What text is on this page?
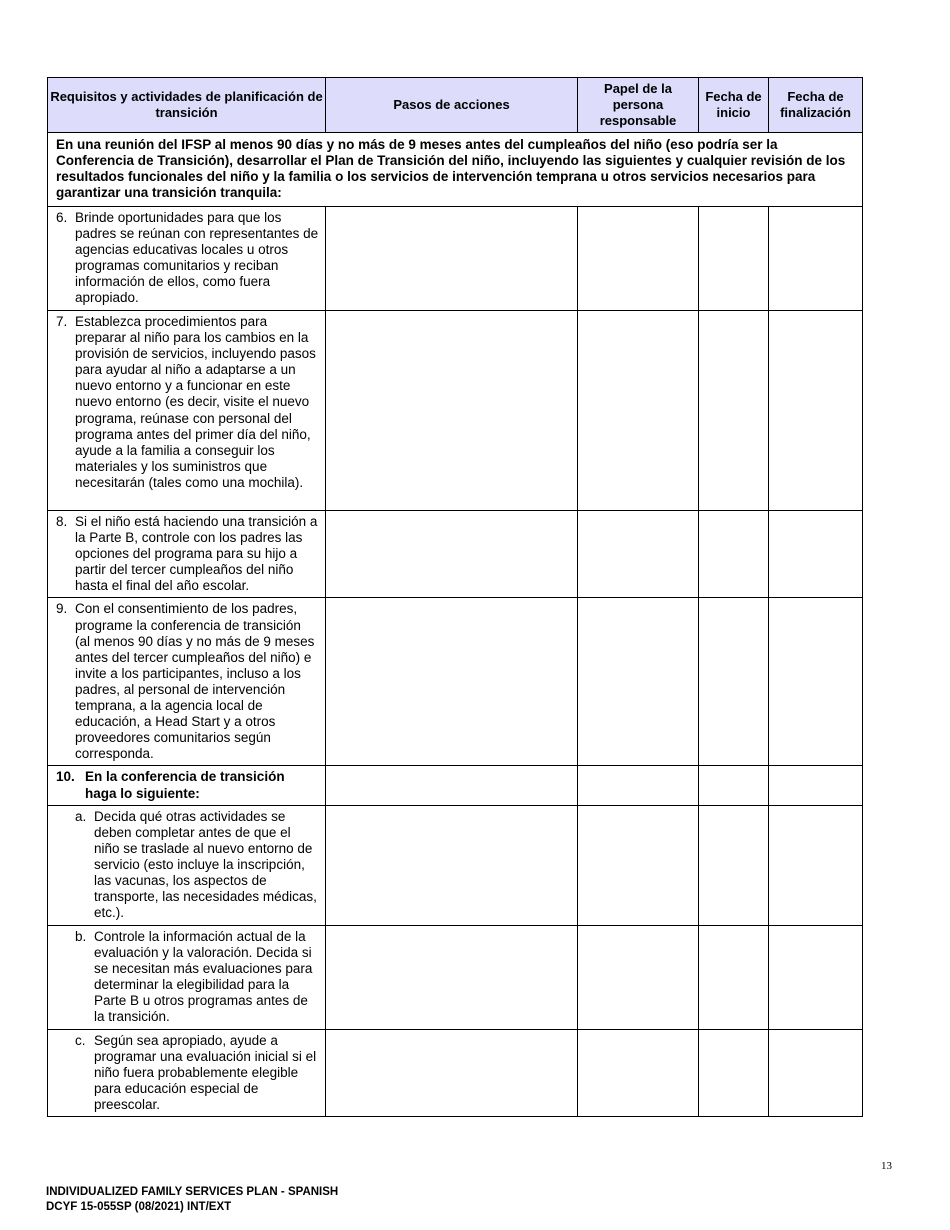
Requisitos y actividades de planificación de transición	Pasos de acciones	Papel de la persona responsable	Fecha de inicio	Fecha de finalización
En una reunión del IFSP al menos 90 días y no más de 9 meses antes del cumpleaños del niño (eso podría ser la Conferencia de Transición), desarrollar el Plan de Transición del niño, incluyendo las siguientes y cualquier revisión de los resultados funcionales del niño y la familia o los servicios de intervención temprana u otros servicios necesarios para garantizar una transición tranquila:				

6. Brinde oportunidades para que los padres se reúnan con representantes de agencias educativas locales u otros programas comunitarios y reciban información de ellos, como fuera apropiado.				

7. Establezca procedimientos para preparar al niño para los cambios en la provisión de servicios, incluyendo pasos para ayudar al niño a adaptarse a un nuevo entorno y a funcionar en este nuevo entorno (es decir, visite el nuevo programa, reúnase con personal del programa antes del primer día del niño, ayude a la familia a conseguir los materiales y los suministros que necesitarán (tales como una mochila).				

8. Si el niño está haciendo una transición a la Parte B, controle con los padres las opciones del programa para su hijo a partir del tercer cumpleaños del niño hasta el final del año escolar.				

9. Con el consentimiento de los padres, programe la conferencia de transición (al menos 90 días y no más de 9 meses antes del tercer cumpleaños del niño) e invite a los participantes, incluso a los padres, al personal de intervención temprana, a la agencia local de educación, a Head Start y a otros proveedores comunitarios según corresponda.				

10. En la conferencia de transición haga lo siguiente:				

a. Decida qué otras actividades se deben completar antes de que el niño se traslade al nuevo entorno de servicio (esto incluye la inscripción, las vacunas, los aspectos de transporte, las necesidades médicas, etc.).				

b. Controle la información actual de la evaluación y la valoración. Decida si se necesitan más evaluaciones para determinar la elegibilidad para la Parte B u otros programas antes de la transición.				

c. Según sea apropiado, ayude a programar una evaluación inicial si el niño fuera probablemente elegible para educación especial de preescolar.				

13
INDIVIDUALIZED FAMILY SERVICES PLAN - SPANISH
DCYF 15-055SP (08/2021) INT/EXT
